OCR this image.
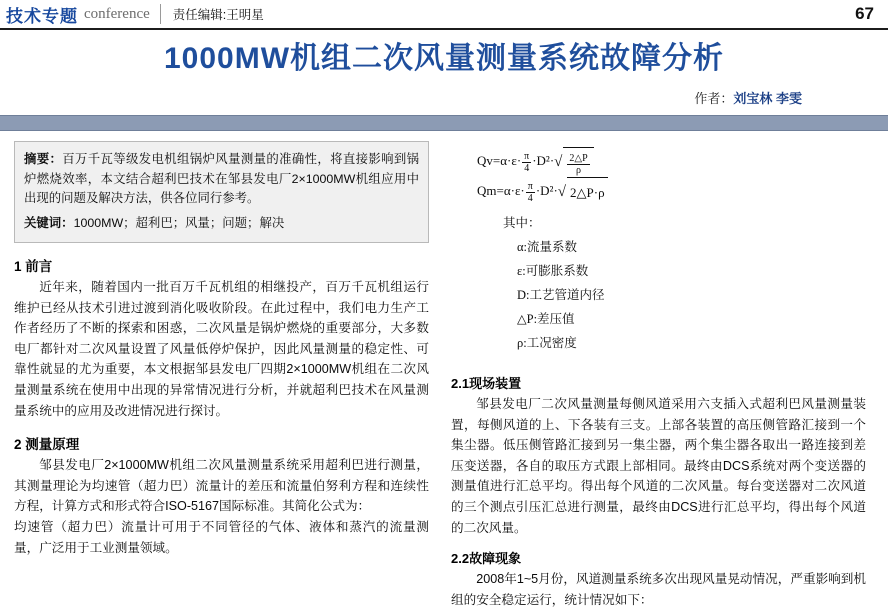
技术专题 conference	责任编辑:王明星	67
1000MW机组二次风量测量系统故障分析
作者：刘宝林 李雯
摘要：百万千瓦等级发电机组锅炉风量测量的准确性，将直接影响到锅炉燃烧效率，本文结合超利巴技术在邹县发电厂2×1000MW机组应用中出现的问题及解决方法，供各位同行参考。
关键词：1000MW；超利巴；风量；问题；解决
1 前言

近年来，随着国内一批百万千瓦机组的相继投产，百万千瓦机组运行维护已经从技术引进过渡到消化吸收阶段。在此过程中，我们电力生产工作者经历了不断的探索和困惑，二次风量是锅炉燃烧的重要部分，大多数电厂都针对二次风量设置了风量低停炉保护，因此风量测量的稳定性、可靠性就显的尤为重要，本文根据邹县发电厂四期2×1000MW机组在二次风量测量系统在使用中出现的异常情况进行分析，并就超利巴技术在风量测量系统中的应用及改进情况进行探讨。

2 测量原理

邹县发电厂2×1000MW机组二次风量测量系统采用超利巴进行测量，其测量理论为均速管（超力巴）流量计的差压和流量伯努利方程和连续性方程，计算方式和形式符合ISO-5167国际标准。其简化公式为：

均速管（超力巴）流量计可用于不同管径的气体、液体和蒸汽的流量测量，广泛用于工业测量领域。

$Qv=\alpha\cdot\varepsilon\cdot \frac{\pi}{4} \cdot D^2\cdot√ \frac{2\triangle P}{\rho}$
$Qm=\alpha\cdot\varepsilon\cdot \frac{\pi}{4} \cdot D^2\cdot√$ 2△P·ρ
其中：
α:流量系数
ε:可膨胀系数
D:工艺管道内径
△P:差压值
ρ:工况密度
2.1现场装置

邹县发电厂二次风量测量每侧风道采用六支插入式超利巴风量测量装置，每侧风道的上、下各装有三支。上部各装置的高压侧管路汇接到一个集尘器。低压侧管路汇接到另一集尘器，两个集尘器各取出一路连接到差压变送器，各自的取压方式跟上部相同。最终由DCS系统对两个变送器的测量值进行汇总平均。得出每个风道的二次风量。每台变送器对二次风道的三个测点引压汇总进行测量，最终由DCS进行汇总平均，得出每个风道的二次风量。

2.2故障现象

2008年1~5月份，风道测量系统多次出现风量晃动情况，严重影响到机组的安全稳定运行，统计情况如下：
